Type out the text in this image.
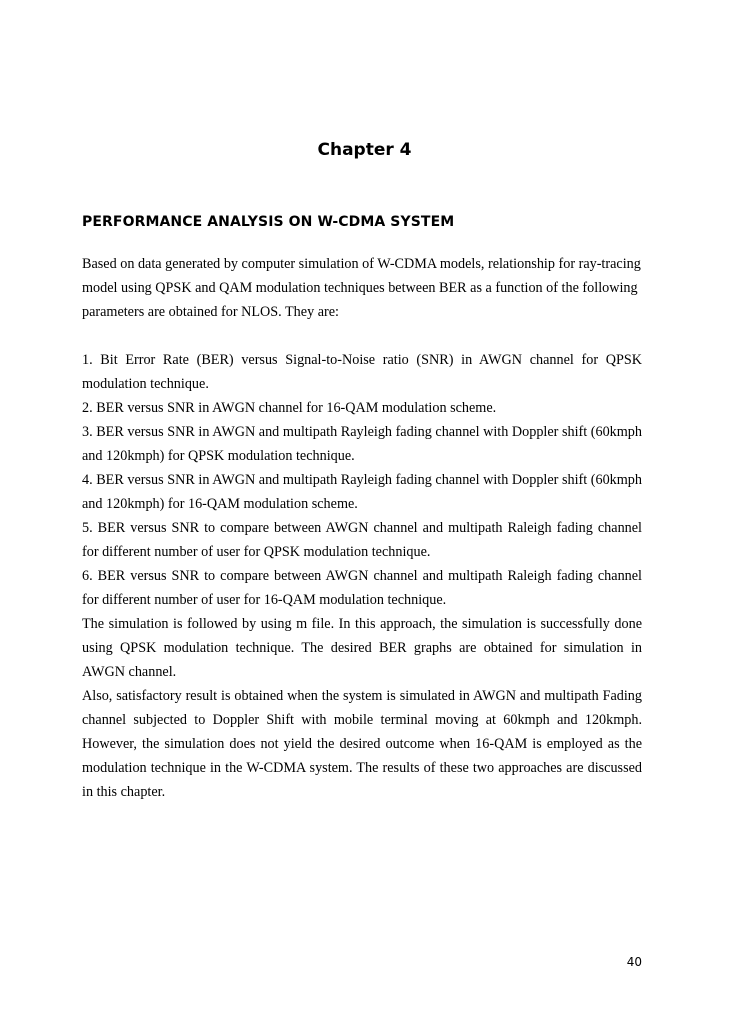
Chapter 4
PERFORMANCE ANALYSIS ON W-CDMA SYSTEM

Based on data generated by computer simulation of W-CDMA models, relationship for ray-tracing model using QPSK and QAM modulation techniques between BER as a function of the following parameters are obtained for NLOS. They are:

1. Bit Error Rate (BER) versus Signal-to-Noise ratio (SNR) in AWGN channel for QPSK modulation technique.

2. BER versus SNR in AWGN channel for 16-QAM modulation scheme.

3. BER versus SNR in AWGN and multipath Rayleigh fading channel with Doppler shift (60kmph and 120kmph) for QPSK modulation technique.

4. BER versus SNR in AWGN and multipath Rayleigh fading channel with Doppler shift (60kmph and 120kmph) for 16-QAM modulation scheme.

5. BER versus SNR to compare between AWGN channel and multipath Raleigh fading channel for different number of user for QPSK modulation technique.

6. BER versus SNR to compare between AWGN channel and multipath Raleigh fading channel for different number of user for 16-QAM modulation technique.

The simulation is followed by using m file. In this approach, the simulation is successfully done using QPSK modulation technique. The desired BER graphs are obtained for simulation in AWGN channel.

Also, satisfactory result is obtained when the system is simulated in AWGN and multipath Fading channel subjected to Doppler Shift with mobile terminal moving at 60kmph and 120kmph. However, the simulation does not yield the desired outcome when 16-QAM is employed as the modulation technique in the W-CDMA system. The results of these two approaches are discussed in this chapter.

40
